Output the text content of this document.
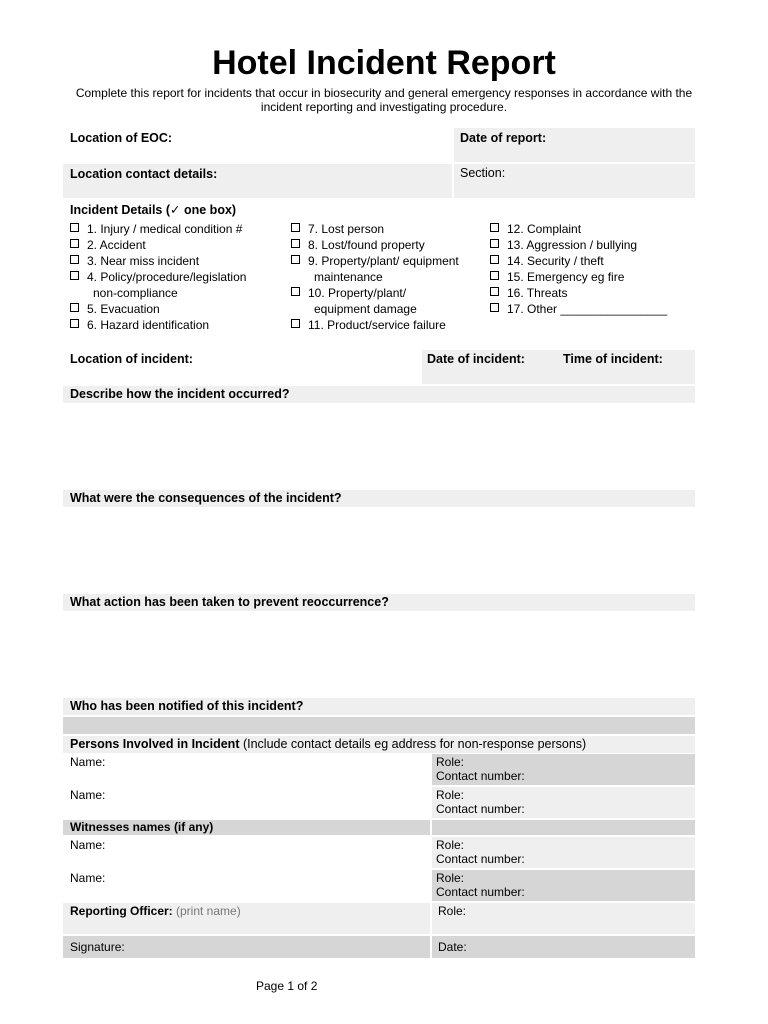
Hotel Incident Report
Complete this report for incidents that occur in biosecurity and general emergency responses in accordance with the incident reporting and investigating procedure.
Location of EOC:	Date of report:
Location contact details:	Section:
Incident Details (✓ one box)
1. Injury / medical condition #
2. Accident
3. Near miss incident
4. Policy/procedure/legislation
non-compliance
5. Evacuation
6. Hazard identification
7. Lost person
8. Lost/found property
9. Property/plant/ equipment
maintenance
10. Property/plant/
equipment damage
11. Product/service failure
12. Complaint
13. Aggression / bullying
14. Security / theft
15. Emergency eg fire
16. Threats
17. Other ________________
Location of incident:	Date of incident:	Time of incident:
Describe how the incident occurred?
What were the consequences of the incident?
What action has been taken to prevent reoccurrence?
Who has been notified of this incident?
Persons Involved in Incident (Include contact details eg address for non-response persons)
Name:	Role:
Contact number:
Name:	Role:
Contact number:
Witnesses names (if any)
Name:	Role:
Contact number:
Name:	Role:
Contact number:
Reporting Officer: (print name)	Role:
Signature:	Date:
Page 1 of 2
